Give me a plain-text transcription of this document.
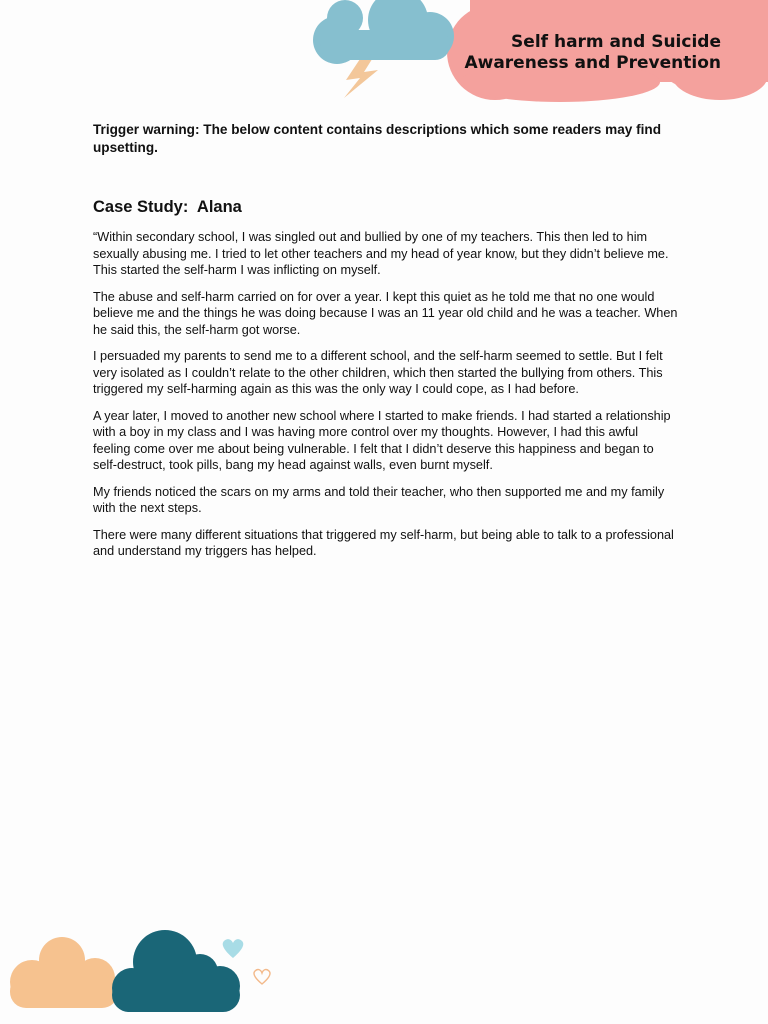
Self harm and Suicide
Awareness and Prevention

Trigger warning: The below content contains descriptions which some readers may find upsetting.

Case Study:  Alana

“Within secondary school, I was singled out and bullied by one of my teachers. This then led to him sexually abusing me. I tried to let other teachers and my head of year know, but they didn’t believe me. This started the self-harm I was inflicting on myself.

The abuse and self-harm carried on for over a year. I kept this quiet as he told me that no one would believe me and the things he was doing because I was an 11 year old child and he was a teacher. When he said this, the self-harm got worse.

I persuaded my parents to send me to a different school, and the self-harm seemed to settle. But I felt very isolated as I couldn’t relate to the other children, which then started the bullying from others. This triggered my self-harming again as this was the only way I could cope, as I had before.

A year later, I moved to another new school where I started to make friends. I had started a relationship with a boy in my class and I was having more control over my thoughts. However, I had this awful feeling come over me about being vulnerable. I felt that I didn’t deserve this happiness and began to self-destruct, took pills, bang my head against walls, even burnt myself.

My friends noticed the scars on my arms and told their teacher, who then supported me and my family with the next steps.

There were many different situations that triggered my self-harm, but being able to talk to a professional and understand my triggers has helped.
